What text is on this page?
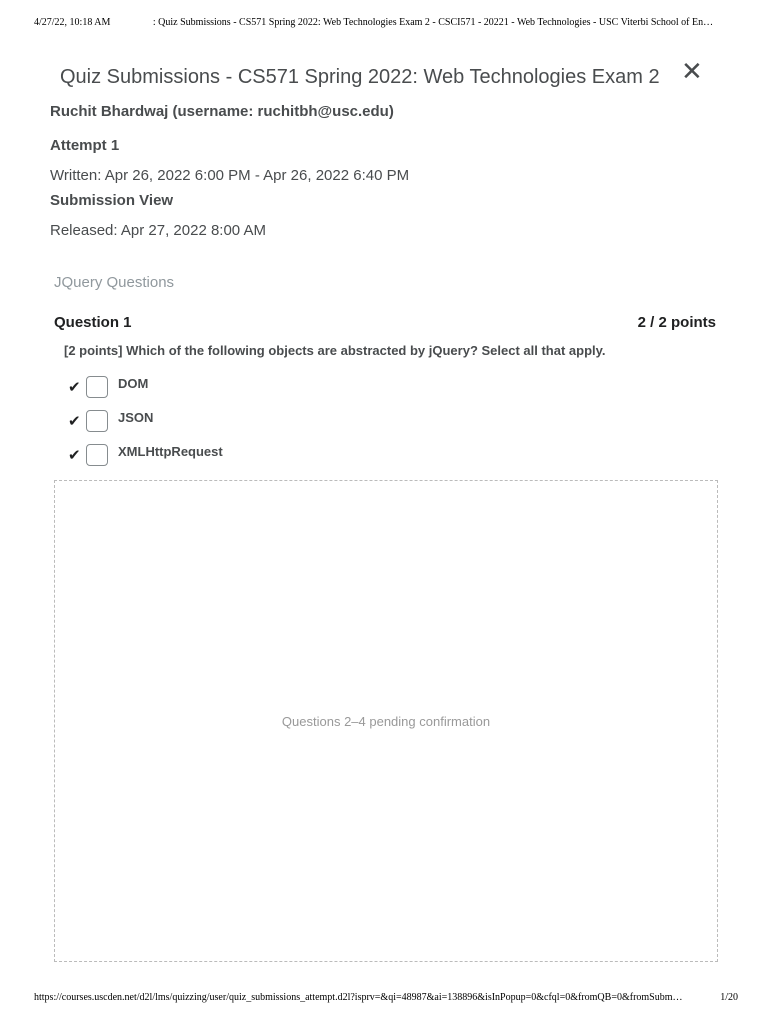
4/27/22, 10:18 AM	: Quiz Submissions - CS571 Spring 2022: Web Technologies Exam 2 - CSCI571 - 20221 - Web Technologies - USC Viterbi School of En…
Quiz Submissions - CS571 Spring 2022: Web Technologies Exam 2 ✕
Ruchit Bhardwaj (username: ruchitbh@usc.edu)
Attempt 1
Written: Apr 26, 2022 6:00 PM - Apr 26, 2022 6:40 PM
Submission View
Released: Apr 27, 2022 8:00 AM
JQuery Questions
Question 1	2 / 2 points
[2 points] Which of the following objects are abstracted by jQuery? Select all that apply.
✔	DOM
✔	JSON
✔	XMLHttpRequest
Questions 2–4 pending confirmation
https://courses.uscden.net/d2l/lms/quizzing/user/quiz_submissions_attempt.d2l?isprv=&qi=48987&ai=138896&isInPopup=0&cfql=0&fromQB=0&fromSubm…	1/20
